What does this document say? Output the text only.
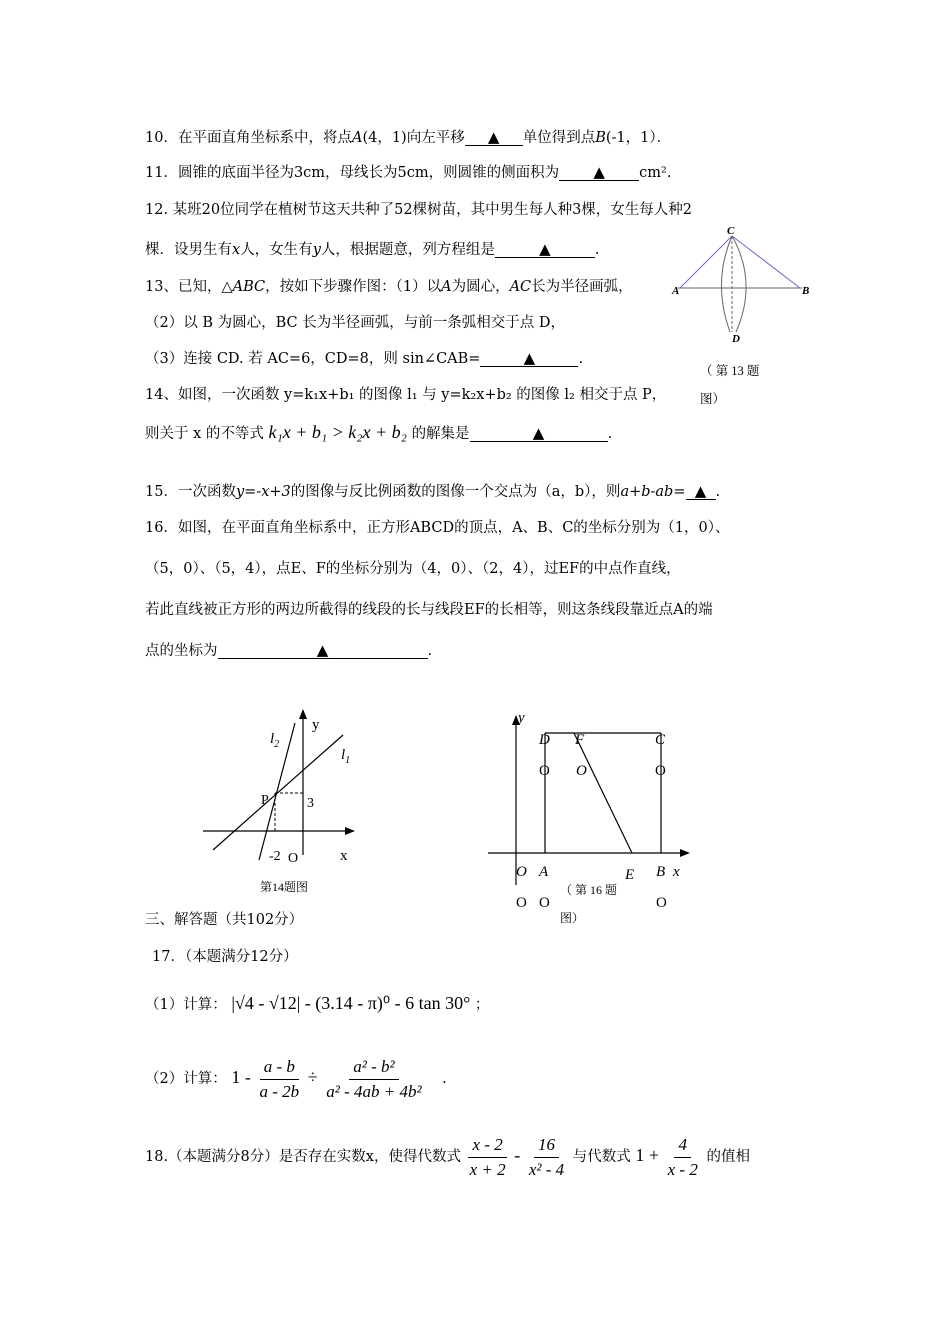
10．在平面直角坐标系中，将点A(4，1)向左平移 ▲ 单位得到点B(-1，1）．
11．圆锥的底面半径为3cm，母线长为5cm，则圆锥的侧面积为 ▲ cm².
12. 某班20位同学在植树节这天共种了52棵树苗，其中男生每人种3棵，女生每人种2
棵．设男生有x人，女生有y人，根据题意，列方程组是	▲	.
13、已知，△ABC，按如下步骤作图：（1）以A为圆心，AC长为半径画弧，
（2）以 B 为圆心，BC 长为半径画弧，与前一条弧相交于点 D，
（3）连接 CD. 若 AC=6，CD=8，则 sin∠CAB=	▲	.
C
A	B
D
（ 第 13 题
图）
14、如图，一次函数 y=k₁x+b₁ 的图像 l₁ 与 y=k₂x+b₂ 的图像 l₂ 相交于点 P，
则关于 x 的不等式 k₁x + b₁ > k₂x + b₂ 的解集是	▲	.
15．一次函数y=-x+3的图像与反比例函数的图像一个交点为（a，b），则a+b-ab= ▲ .
16．如图，在平面直角坐标系中，正方形ABCD的顶点，A、B、C的坐标分别为（1，0）、
（5，0）、（5，4），点E、F的坐标分别为（4，0）、（2，4），过EF的中点作直线，
若此直线被正方形的两边所截得的线段的长与线段EF的长相等，则这条线段靠近点A的端
点的坐标为	▲	.
y
x
$l_2$
$l_1$
P	3
-2 O
第14题图
y
D F	C
O O	O
O A	E B x
O O	O
（ 第 16 题
图）
三、解答题（共102分）
17．（本题满分12分）
（1）计算： |√4 - √12| - (3.14 - π)⁰ - 6 tan 30° ；
（2）计算： $1 - \frac{a - b}{a - 2b} \div \frac{\text{a² - b²}}{\text{a² - 4ab + 4b²}}$ .
18.（本题满分8分）是否存在实数x，使得代数式 $\frac{x - 2}{x + 2} - \frac{16}{\text{x² - 4}}$ 与代数式 $1 + \frac{4}{x - 2}$ 的值相
